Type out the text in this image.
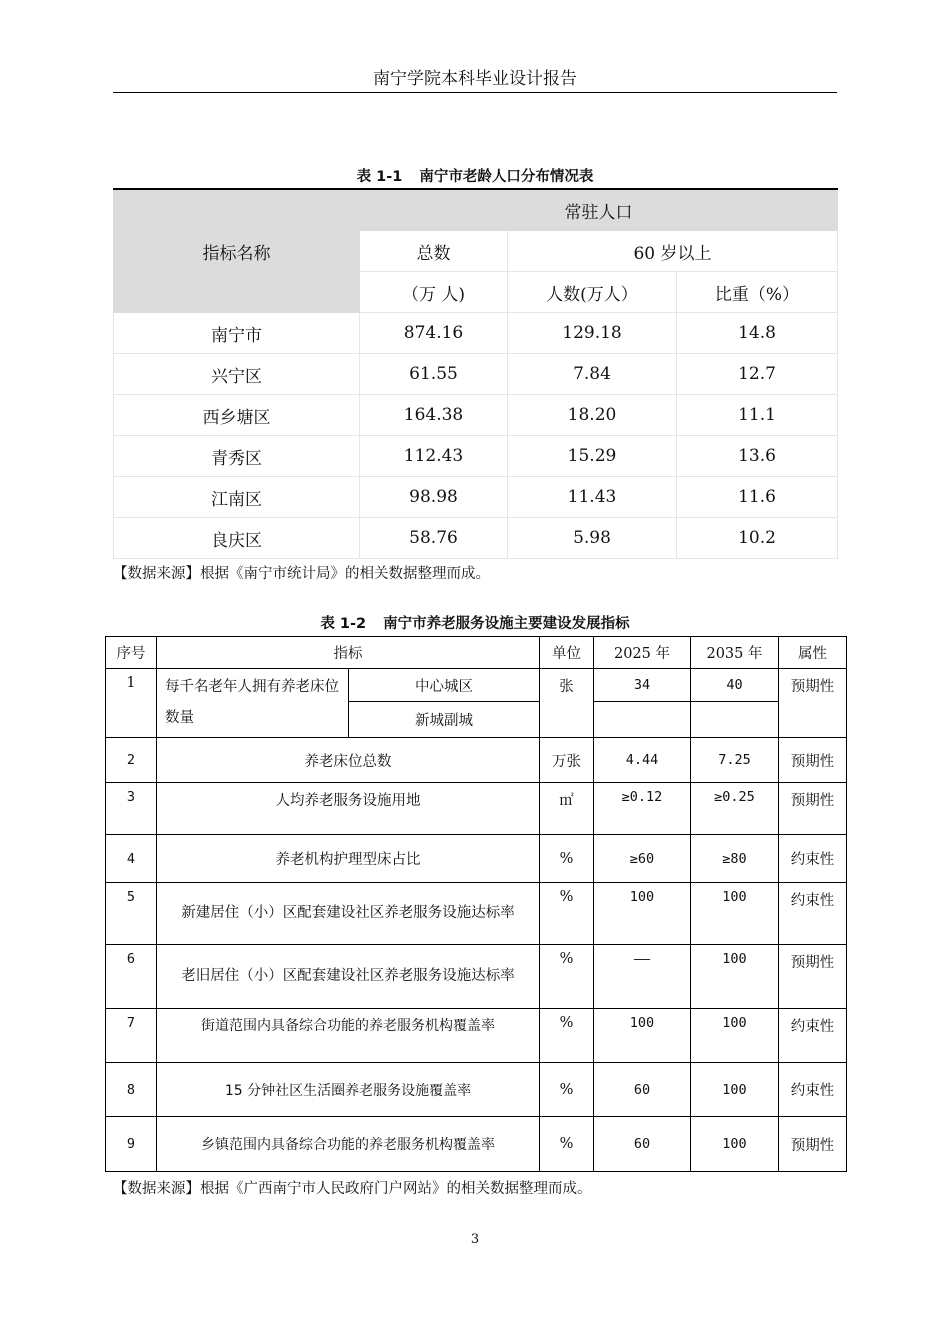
南宁学院本科毕业设计报告
表 1-1 南宁市老龄人口分布情况表
指标名称	常驻人口		
	总数	60 岁以上	
	（万 人)	人数(万人）	比重（%）
南宁市	874.16	129.18	14.8
兴宁区	61.55	7.84	12.7
西乡塘区	164.38	18.20	11.1
青秀区	112.43	15.29	13.6
江南区	98.98	11.43	11.6
良庆区	58.76	5.98	10.2
【数据来源】根据《南宁市统计局》的相关数据整理而成。
表 1-2 南宁市养老服务设施主要建设发展指标
序号	指标		单位	2025 年	2035 年	属性
1	每千名老年人拥有养老床位数量	中心城区	张	34	40	预期性
		新城副城				
2	养老床位总数		万张	4.44	7.25	预期性
3	人均养老服务设施用地		㎡	≥0.12	≥0.25	预期性
4	养老机构护理型床占比		%	≥60	≥80	约束性
5	新建居住（小）区配套建设社区养老服务设施达标率		%	100	100	约束性
6	老旧居住（小）区配套建设社区养老服务设施达标率		%	——	100	预期性
7	街道范围内具备综合功能的养老服务机构覆盖率		%	100	100	约束性
8	15 分钟社区生活圈养老服务设施覆盖率		%	60	100	约束性
9	乡镇范围内具备综合功能的养老服务机构覆盖率		%	60	100	预期性
【数据来源】根据《广西南宁市人民政府门户网站》的相关数据整理而成。
3
